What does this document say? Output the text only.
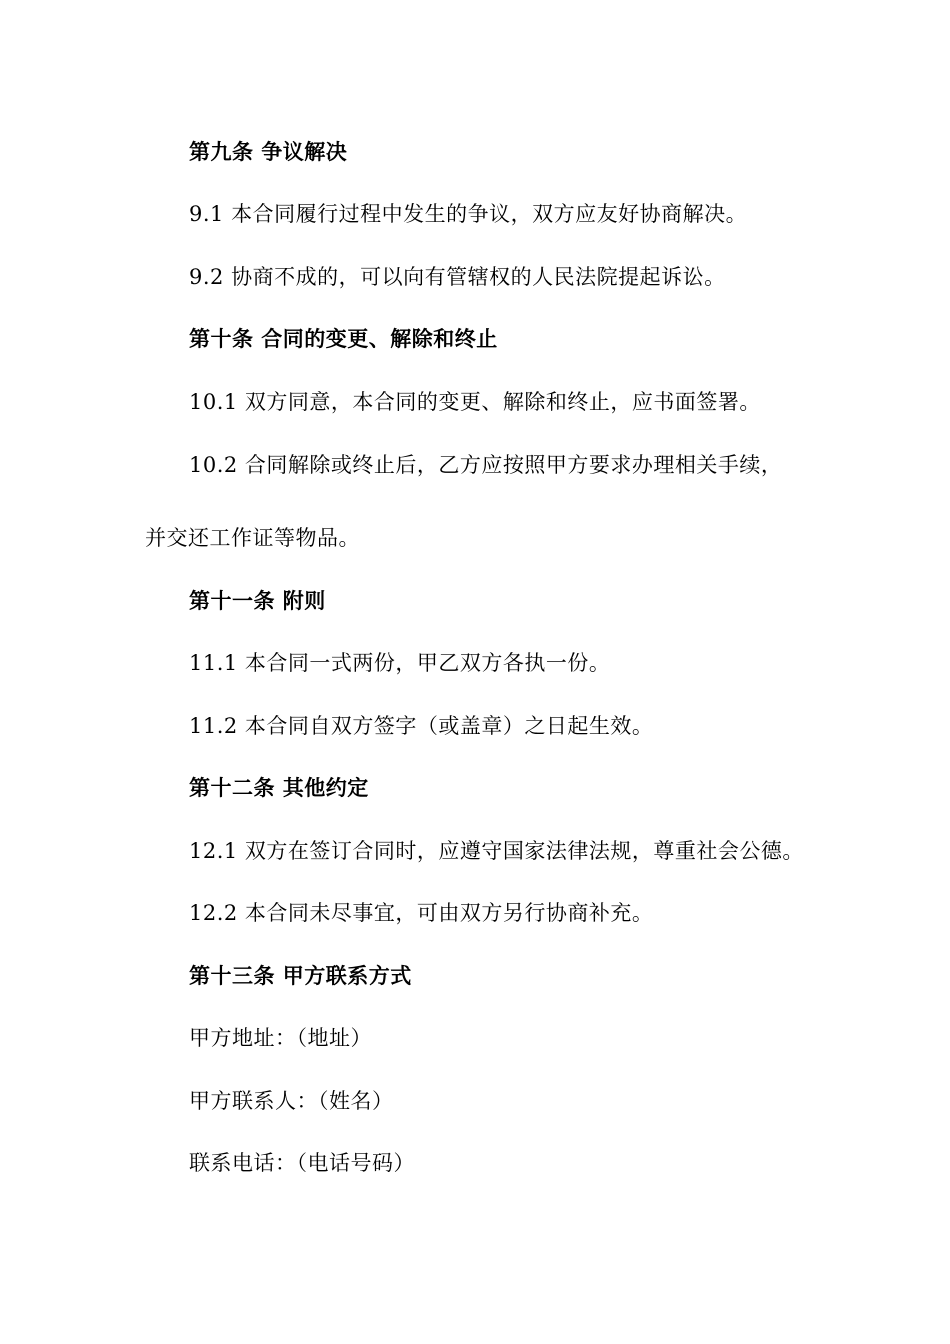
第九条 争议解决
9.1 本合同履行过程中发生的争议，双方应友好协商解决。
9.2 协商不成的，可以向有管辖权的人民法院提起诉讼。
第十条 合同的变更、解除和终止
10.1 双方同意，本合同的变更、解除和终止，应书面签署。
10.2 合同解除或终止后，乙方应按照甲方要求办理相关手续，
并交还工作证等物品。
第十一条 附则
11.1 本合同一式两份，甲乙双方各执一份。
11.2 本合同自双方签字（或盖章）之日起生效。
第十二条 其他约定
12.1 双方在签订合同时，应遵守国家法律法规，尊重社会公德。
12.2 本合同未尽事宜，可由双方另行协商补充。
第十三条 甲方联系方式
甲方地址：（地址）
甲方联系人：（姓名）
联系电话：（电话号码）
